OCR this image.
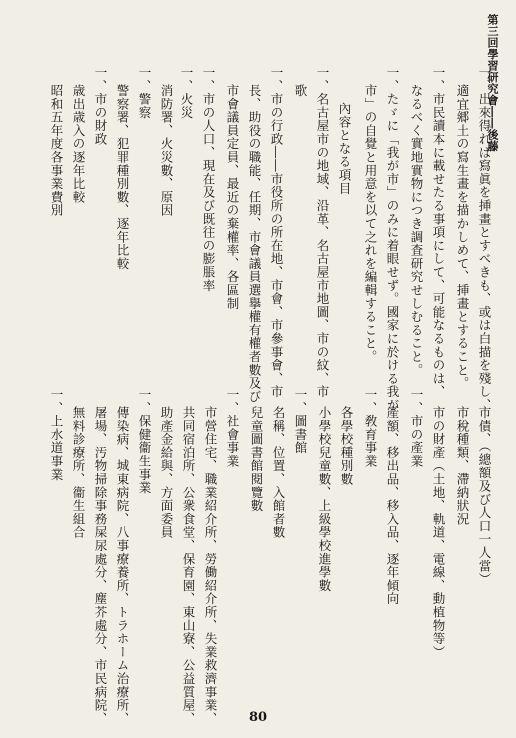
第三回學習研究會――後藤
一、出來得れば寫眞を挿畫とすべきも、或は白描を殘し、
適宜郷土の寫生畫を描かしめて、挿畫とすること。
一、市民讀本に載せたる事項にして、可能なるものは、
なるべく實地實物につき調査研究せしむること。
一、たゞに「我が市」のみに着眼せず。國家に於ける我が
市」の自覺と用意を以て之れを編輯すること。
內容となる項目
一、名古屋市の地域、沿革、名古屋市地圖、市の紋、市
歌
一、市の行政――市役所の所在地、市會、市參事會、市
長、助役の職能、任期、市會議員選擧權有權者數及び
市會議員定員、最近の棄權率、各區制
一、市の人口、現在及び既往の膨脹率
一、火災
消防署、火災數、原因
一、警察
警察署、犯罪種別數、逐年比較
一、市の財政
歳出歳入の逐年比較
昭和五年度各事業費別
市債、（總額及び人口一人當）
市稅種類、滯納狀況
市の財產（土地、軌道、電線、動植物等）
一、市の產業
產額、移出品、移入品、逐年傾向
一、敎育事業
各學校種別數
小學校兒童數、上級學校進學數
一、圖書館
名稱、位置、入館者數
兒童圖書館閱覽數
一、社會事業
市營住宅、職業紹介所、勞働紹介所、失業救濟事業、
共同宿泊所、公衆食堂、保育園、東山寮、公益質屋、
助產金給與、方面委員
一、保健衞生事業
傳染病、城東病院、八事療養所、トラホーム治療所、
屠場、汚物掃除事務屎尿處分、塵芥處分、市民病院、
無料診療所、衞生組合
一、上水道事業
80
